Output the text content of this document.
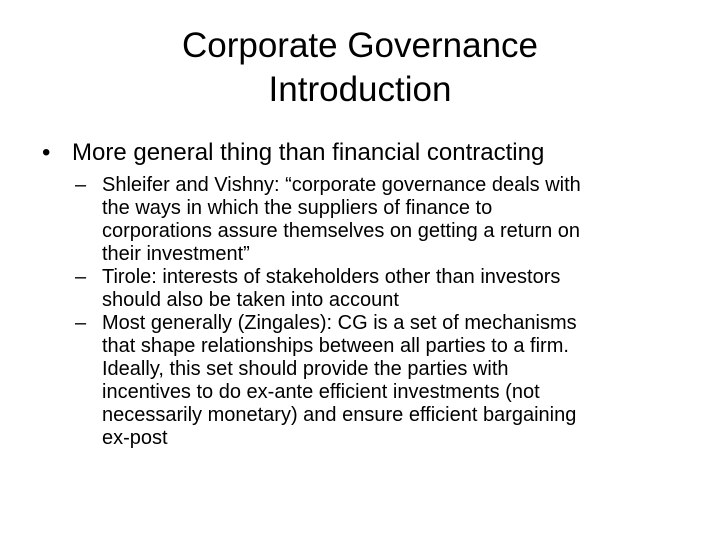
Corporate Governance
Introduction
• More general thing than financial contracting
– Shleifer and Vishny: “corporate governance deals with
the ways in which the suppliers of finance to
corporations assure themselves on getting a return on
their investment”
– Tirole: interests of stakeholders other than investors
should also be taken into account
– Most generally (Zingales): CG is a set of mechanisms
that shape relationships between all parties to a firm.
Ideally, this set should provide the parties with
incentives to do ex-ante efficient investments (not
necessarily monetary) and ensure efficient bargaining
ex-post
